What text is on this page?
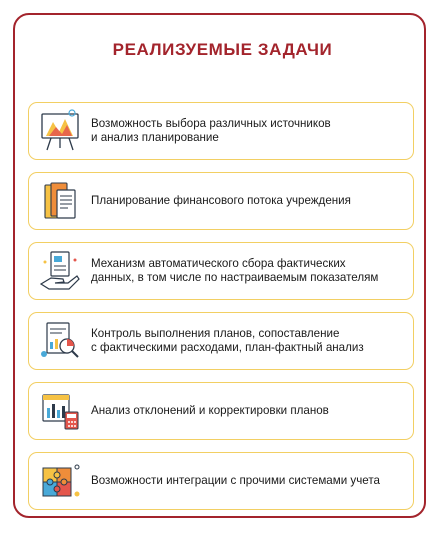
РЕАЛИЗУЕМЫЕ ЗАДАЧИ
Возможность выбора различных источников
и анализ планирование
Планирование финансового потока учреждения
Механизм автоматического сбора фактических
данных, в том числе по настраиваемым показателям
Контроль выполнения планов, сопоставление
с фактическими расходами, план-фактный анализ
Анализ отклонений и корректировки планов
Возможности интеграции с прочими системами учета
